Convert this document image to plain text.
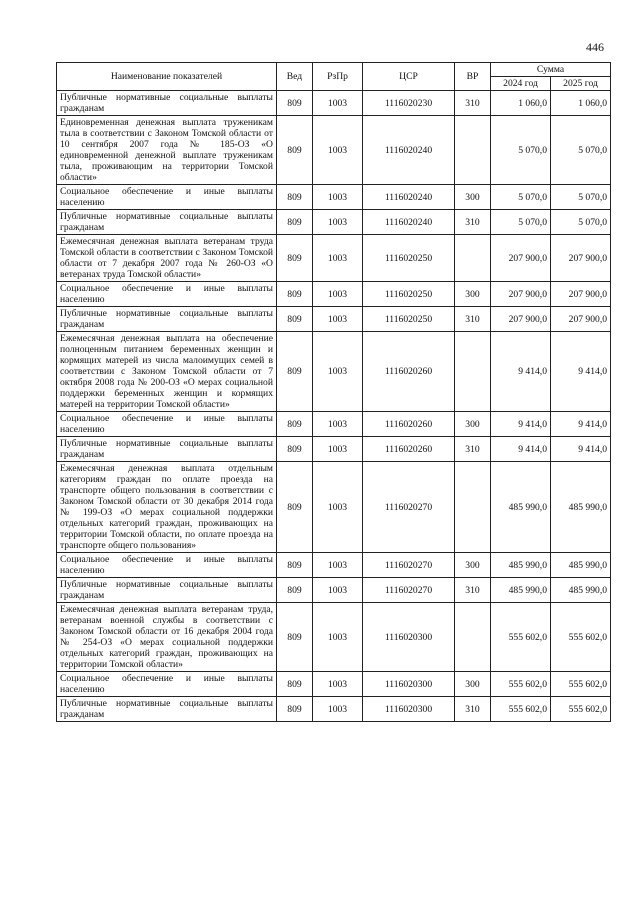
446
Наименование показателей	Вед	РзПр	ЦСР	ВР	Сумма	
					2024 год	2025 год
Публичные нормативные социальные выплаты гражданам	809	1003	1116020230	310	1 060,0	1 060,0
Единовременная денежная выплата труженикам тыла в соответствии с Законом Томской области от 10 сентября 2007 года № 185-ОЗ «О единовременной денежной выплате труженикам тыла, проживающим на территории Томской области»	809	1003	1116020240		5 070,0	5 070,0
Социальное обеспечение и иные выплаты населению	809	1003	1116020240	300	5 070,0	5 070,0
Публичные нормативные социальные выплаты гражданам	809	1003	1116020240	310	5 070,0	5 070,0
Ежемесячная денежная выплата ветеранам труда Томской области в соответствии с Законом Томской области от 7 декабря 2007 года № 260-ОЗ «О ветеранах труда Томской области»	809	1003	1116020250		207 900,0	207 900,0
Социальное обеспечение и иные выплаты населению	809	1003	1116020250	300	207 900,0	207 900,0
Публичные нормативные социальные выплаты гражданам	809	1003	1116020250	310	207 900,0	207 900,0
Ежемесячная денежная выплата на обеспечение полноценным питанием беременных женщин и кормящих матерей из числа малоимущих семей в соответствии с Законом Томской области от 7 октября 2008 года № 200-ОЗ «О мерах социальной поддержки беременных женщин и кормящих матерей на территории Томской области»	809	1003	1116020260		9 414,0	9 414,0
Социальное обеспечение и иные выплаты населению	809	1003	1116020260	300	9 414,0	9 414,0
Публичные нормативные социальные выплаты гражданам	809	1003	1116020260	310	9 414,0	9 414,0
Ежемесячная денежная выплата отдельным категориям граждан по оплате проезда на транспорте общего пользования в соответствии с Законом Томской области от 30 декабря 2014 года № 199-ОЗ «О мерах социальной поддержки отдельных категорий граждан, проживающих на территории Томской области, по оплате проезда на транспорте общего пользования»	809	1003	1116020270		485 990,0	485 990,0
Социальное обеспечение и иные выплаты населению	809	1003	1116020270	300	485 990,0	485 990,0
Публичные нормативные социальные выплаты гражданам	809	1003	1116020270	310	485 990,0	485 990,0
Ежемесячная денежная выплата ветеранам труда, ветеранам военной службы в соответствии с Законом Томской области от 16 декабря 2004 года № 254-ОЗ «О мерах социальной поддержки отдельных категорий граждан, проживающих на территории Томской области»	809	1003	1116020300		555 602,0	555 602,0
Социальное обеспечение и иные выплаты населению	809	1003	1116020300	300	555 602,0	555 602,0
Публичные нормативные социальные выплаты гражданам	809	1003	1116020300	310	555 602,0	555 602,0
